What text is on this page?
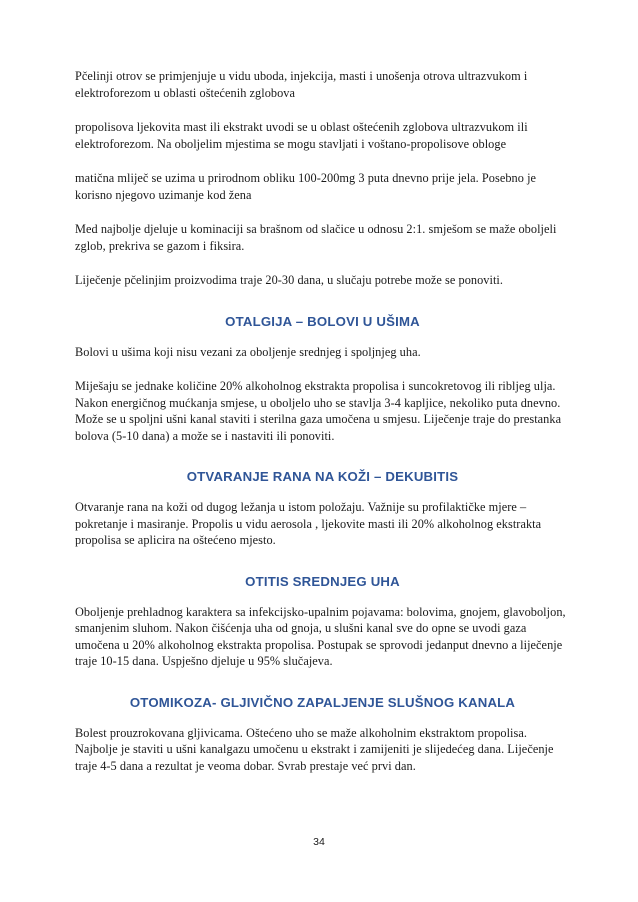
Pčelinji otrov se primjenjuje u vidu uboda, injekcija, masti i unošenja otrova ultrazvukom i elektroforezom u oblasti oštećenih zglobova

propolisova ljekovita mast ili ekstrakt uvodi se u oblast oštećenih zglobova ultrazvukom ili elektroforezom. Na oboljelim mjestima se mogu stavljati i voštano-propolisove obloge

matična mliječ se uzima u prirodnom obliku 100-200mg 3 puta dnevno prije jela. Posebno je korisno njegovo uzimanje kod žena

Med najbolje djeluje u kominaciji sa brašnom od slačice u odnosu 2:1. smješom se maže oboljeli zglob, prekriva se gazom i fiksira.

Liječenje pčelinjim proizvodima traje 20-30 dana, u slučaju potrebe može se ponoviti.

OTALGIJA – BOLOVI U UŠIMA

Bolovi u ušima koji nisu vezani za oboljenje srednjeg i spoljnjeg uha.

Miješaju se jednake količine 20% alkoholnog ekstrakta propolisa i suncokretovog ili ribljeg ulja. Nakon energičnog mućkanja smjese, u oboljelo uho se stavlja 3-4 kapljice, nekoliko puta dnevno. Može se u spoljni ušni kanal staviti i sterilna gaza umočena u smjesu. Liječenje traje do prestanka bolova (5-10 dana) a može se i nastaviti ili ponoviti.

OTVARANJE RANA NA KOŽI – DEKUBITIS

Otvaranje rana na koži od dugog ležanja u istom položaju. Važnije su profilaktičke mjere – pokretanje i masiranje. Propolis u vidu aerosola , ljekovite masti ili 20% alkoholnog ekstrakta propolisa se aplicira na oštećeno mjesto.

OTITIS SREDNJEG UHA

Oboljenje prehladnog karaktera sa infekcijsko-upalnim pojavama: bolovima, gnojem, glavoboljon, smanjenim sluhom. Nakon čišćenja uha od gnoja, u slušni kanal sve do opne se uvodi gaza umočena u 20% alkoholnog ekstrakta propolisa. Postupak se sprovodi jedanput dnevno a liječenje traje 10-15 dana. Uspješno djeluje u 95% slučajeva.

OTOMIKOZA- GLJIVIČNO ZAPALJENJE SLUŠNOG KANALA

Bolest prouzrokovana gljivicama. Oštećeno uho se maže alkoholnim ekstraktom propolisa. Najbolje je staviti u ušni kanalgazu umočenu u ekstrakt i zamijeniti je slijedećeg dana. Liječenje traje 4-5 dana a rezultat je veoma dobar. Svrab prestaje već prvi dan.

34
